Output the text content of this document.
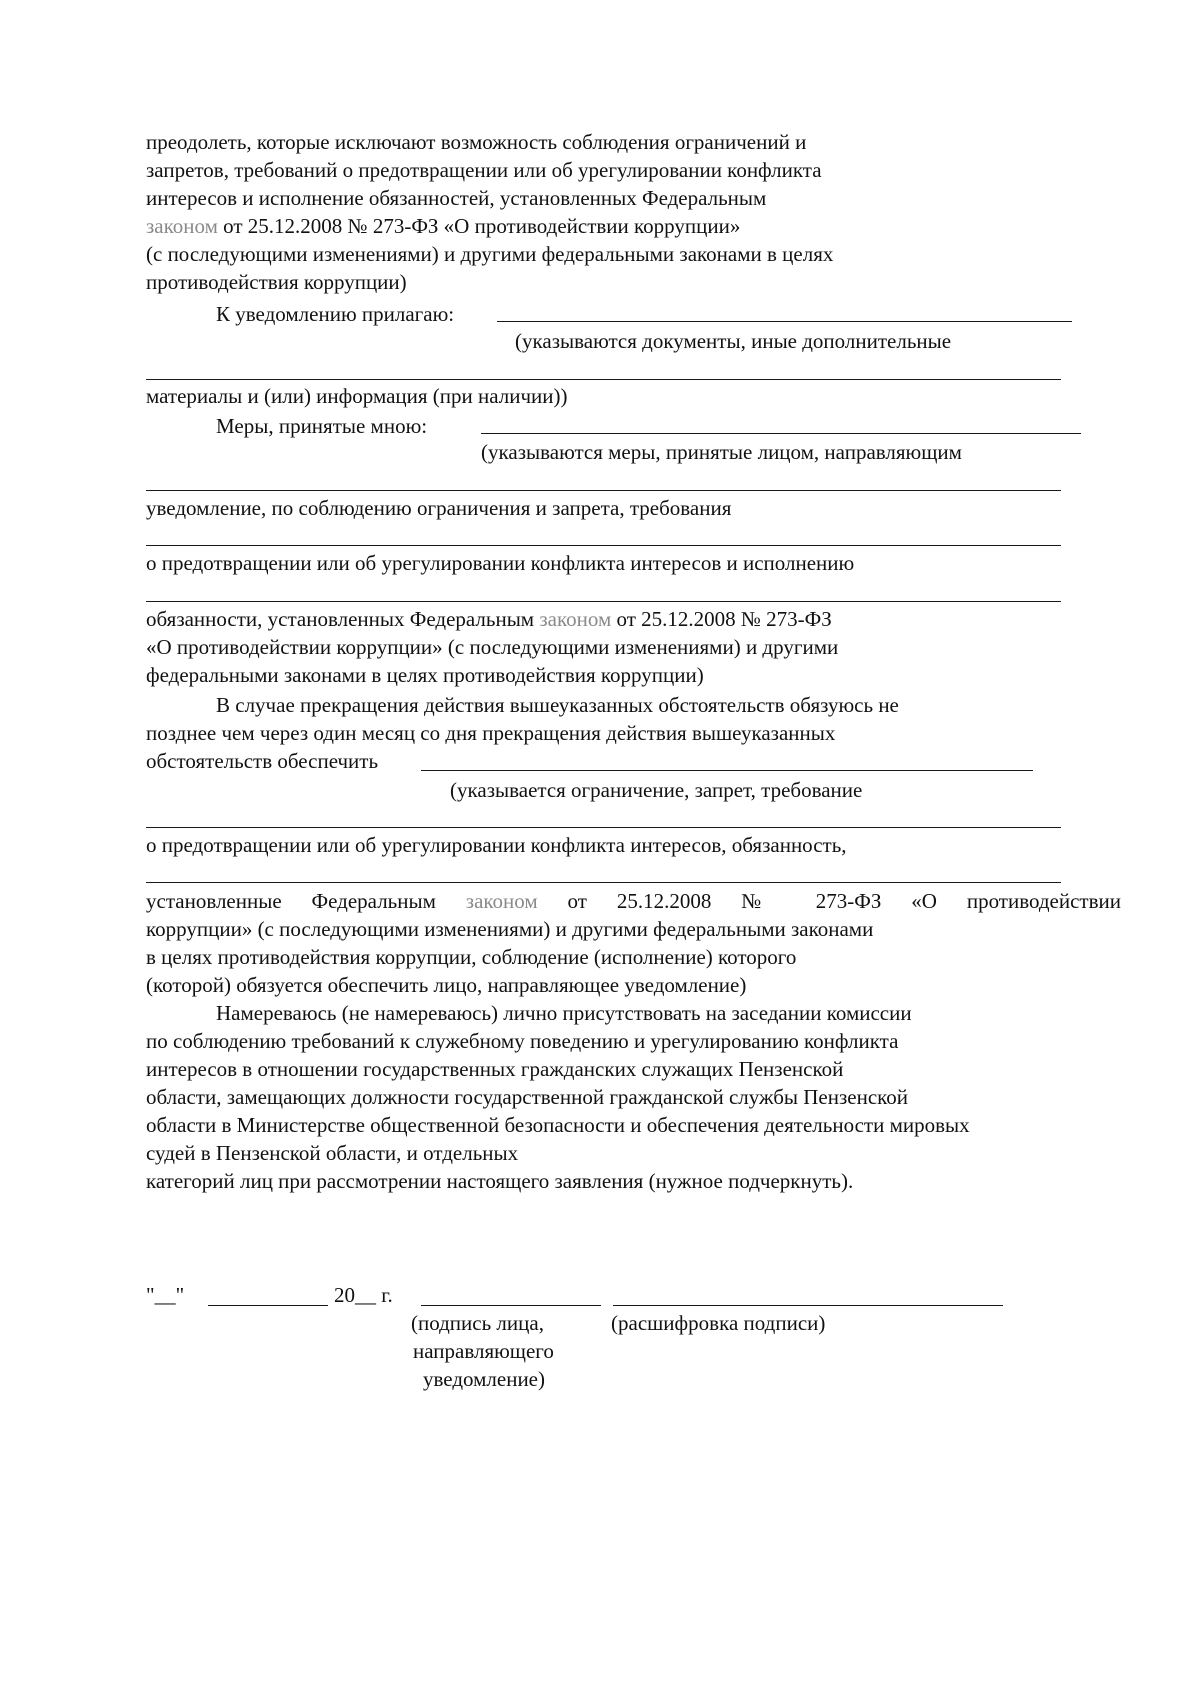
преодолеть, которые исключают возможность соблюдения ограничений и
запретов, требований о предотвращении или об урегулировании конфликта
интересов и исполнение обязанностей, установленных Федеральным
законом от 25.12.2008 № 273-ФЗ «О противодействии коррупции»
(с последующими изменениями) и другими федеральными законами в целях
противодействия коррупции)
К уведомлению прилагаю:
(указываются документы, иные дополнительные
материалы и (или) информация (при наличии))
Меры, принятые мною:
(указываются меры, принятые лицом, направляющим
уведомление, по соблюдению ограничения и запрета, требования
о предотвращении или об урегулировании конфликта интересов и исполнению
обязанности, установленных Федеральным законом от 25.12.2008 № 273-ФЗ
«О противодействии коррупции» (с последующими изменениями) и другими
федеральными законами в целях противодействия коррупции)
В случае прекращения действия вышеуказанных обстоятельств обязуюсь не
позднее чем через один месяц со дня прекращения действия вышеуказанных
обстоятельств обеспечить
(указывается ограничение, запрет, требование
о предотвращении или об урегулировании конфликта интересов, обязанность,
установленные Федеральным законом от 25.12.2008 № 273-ФЗ «О противодействии
коррупции» (с последующими изменениями) и другими федеральными законами
в целях противодействия коррупции, соблюдение (исполнение) которого
(которой) обязуется обеспечить лицо, направляющее уведомление)
Намереваюсь (не намереваюсь) лично присутствовать на заседании комиссии
по соблюдению требований к служебному поведению и урегулированию конфликта
интересов в отношении государственных гражданских служащих Пензенской
области, замещающих должности государственной гражданской службы Пензенской
области в Министерстве общественной безопасности и обеспечения деятельности мировых
судей в Пензенской области, и отдельных
категорий лиц при рассмотрении настоящего заявления (нужное подчеркнуть).
"__"	20__ г.
(подпись лица,
направляющего
уведомление)
(расшифровка подписи)
